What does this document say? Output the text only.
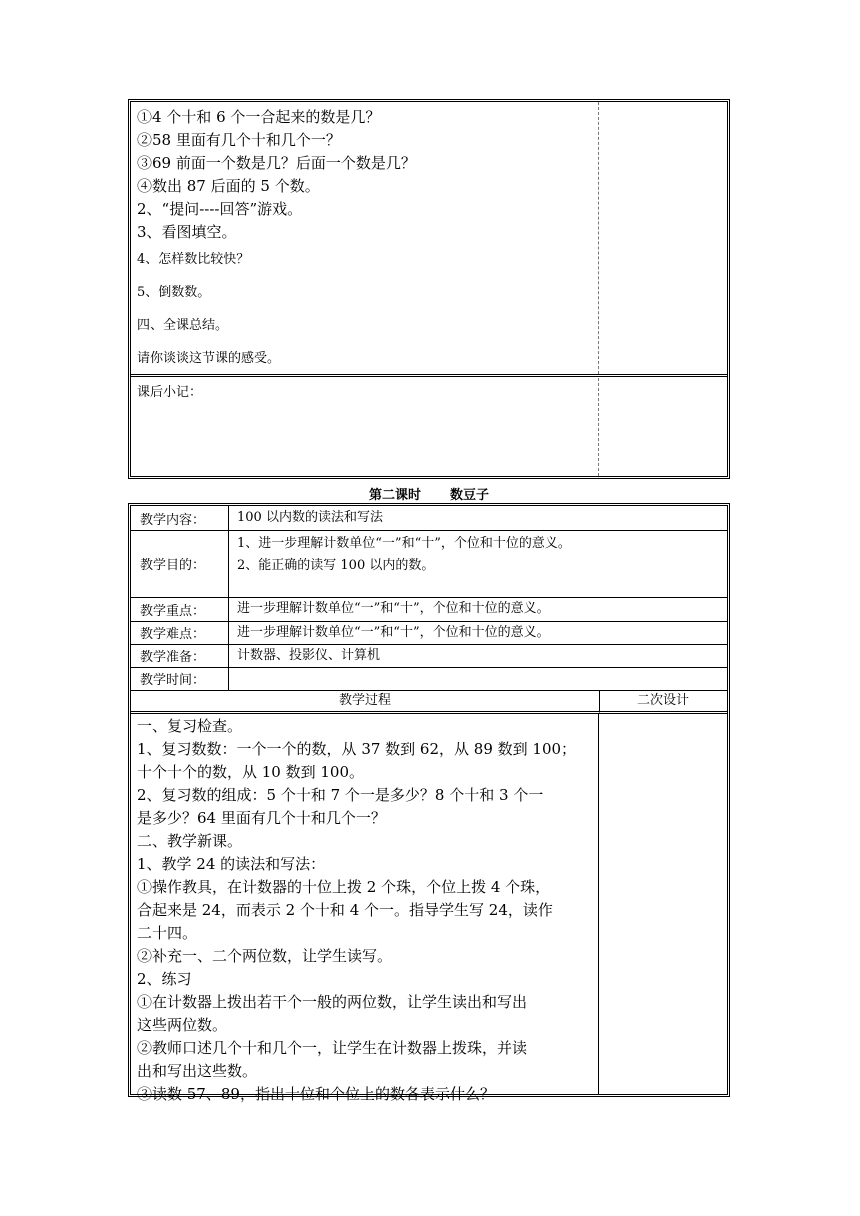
①4 个十和 6 个一合起来的数是几？

②58 里面有几个十和几个一？

③69 前面一个数是几？后面一个数是几？

④数出 87 后面的 5 个数。

2、“提问----回答”游戏。

3、看图填空。

4、怎样数比较快？

5、倒数数。

四、全课总结。

请你谈谈这节课的感受。

课后小记：
第二课时 数豆子
教学内容：	100 以内数的读法和写法
教学目的：

1、进一步理解计数单位“一”和“十”，个位和十位的意义。

2、能正确的读写 100 以内的数。

教学重点：	进一步理解计数单位“一”和“十”，个位和十位的意义。
教学难点：	进一步理解计数单位“一”和“十”，个位和十位的意义。
教学准备：	计数器、投影仪、计算机
教学时间：
教学过程	二次设计

一、复习检查。

1、复习数数：一个一个的数，从 37 数到 62，从 89 数到 100；

十个十个的数，从 10 数到 100。

2、复习数的组成：5 个十和 7 个一是多少？8 个十和 3 个一

是多少？64 里面有几个十和几个一？

二、教学新课。

1、教学 24 的读法和写法：

①操作教具，在计数器的十位上拨 2 个珠，个位上拨 4 个珠，

合起来是 24，而表示 2 个十和 4 个一。指导学生写 24，读作

二十四。

②补充一、二个两位数，让学生读写。

2、练习

①在计数器上拨出若干个一般的两位数，让学生读出和写出

这些两位数。

②教师口述几个十和几个一，让学生在计数器上拨珠，并读

出和写出这些数。

③读数 57、89，指出十位和个位上的数各表示什么？
